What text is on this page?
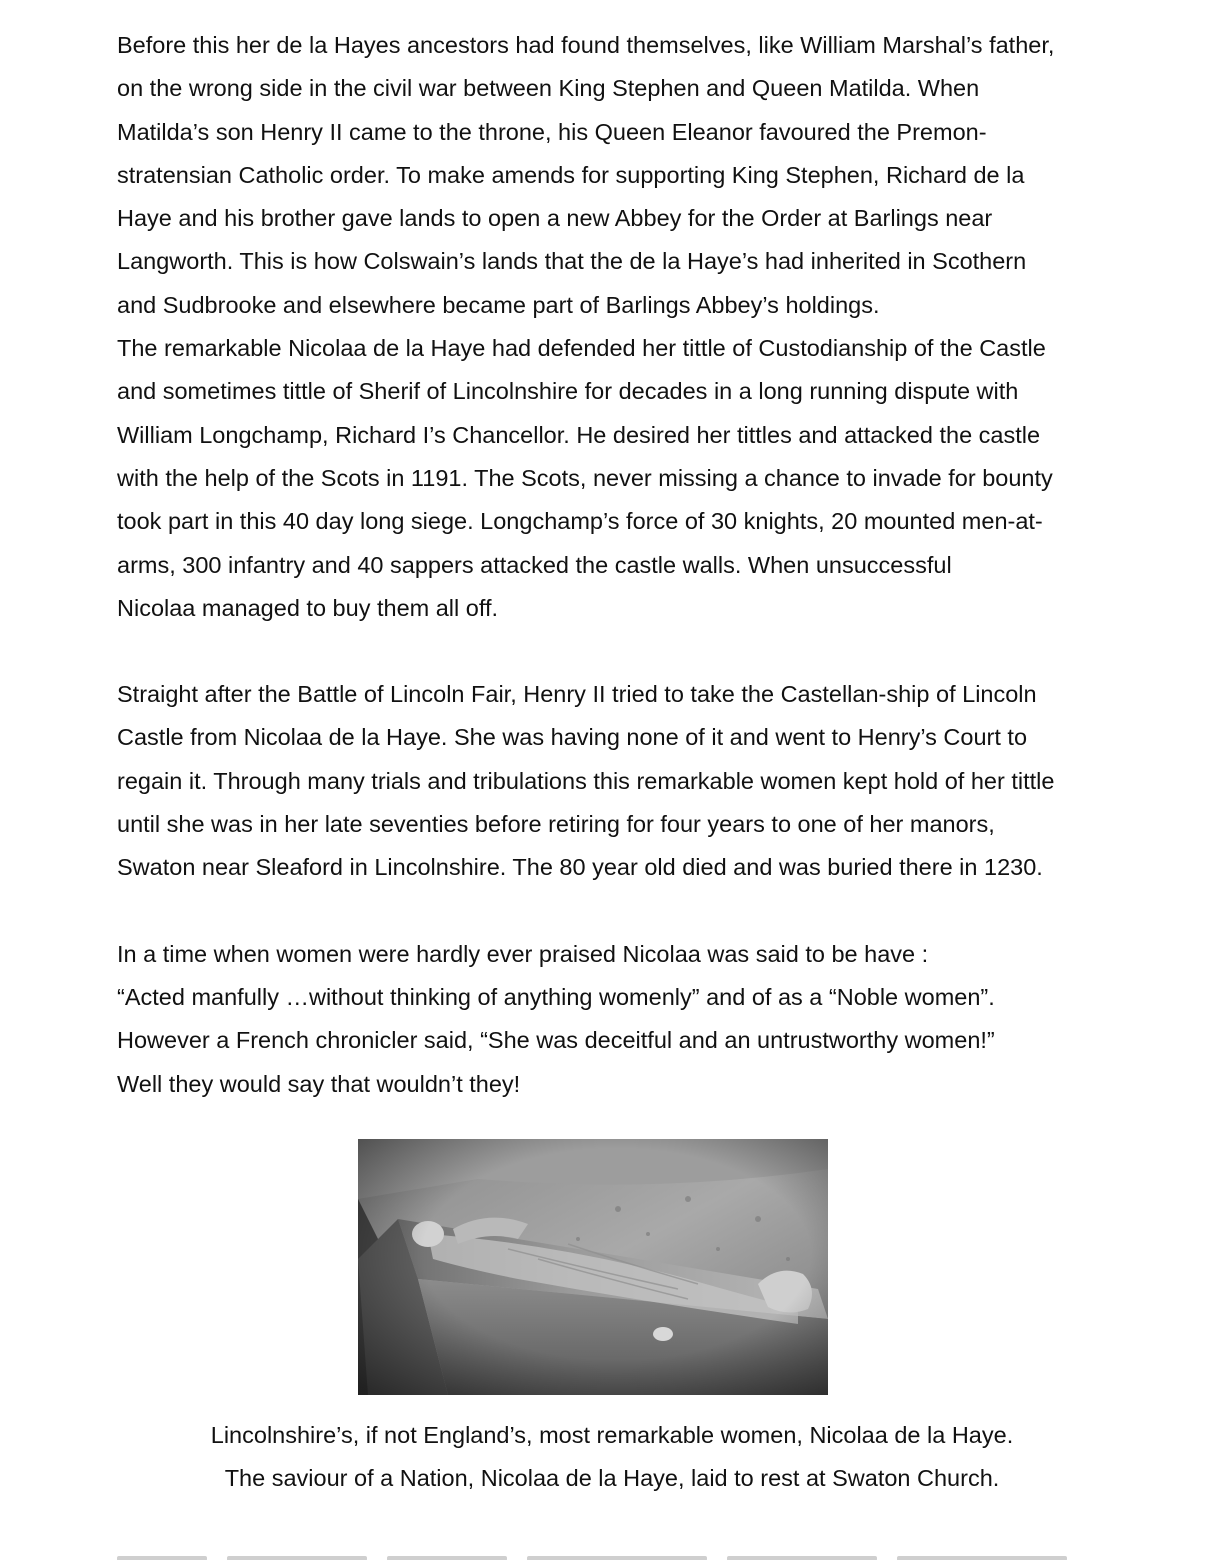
Before this her de la Hayes ancestors had found themselves, like William Marshal’s father,
on the wrong side in the civil war between King Stephen and Queen Matilda. When
Matilda’s son Henry II came to the throne, his Queen Eleanor favoured the Premon-
stratensian Catholic order. To make amends for supporting King Stephen, Richard de la
Haye and his brother gave lands to open a new Abbey for the Order at Barlings near
Langworth. This is how Colswain’s lands that the de la Haye’s had inherited in Scothern
and Sudbrooke and elsewhere became part of Barlings Abbey’s holdings.
The remarkable Nicolaa de la Haye had defended her tittle of Custodianship of the Castle
and sometimes tittle of Sherif of Lincolnshire for decades in a long running dispute with
William Longchamp, Richard I’s Chancellor. He desired her tittles and attacked the castle
with the help of the Scots in 1191. The Scots, never missing a chance to invade for bounty
took part in this 40 day long siege. Longchamp’s force of 30 knights, 20 mounted men-at-
arms, 300 infantry and 40 sappers attacked the castle walls. When unsuccessful
Nicolaa managed to buy them all off.

Straight after the Battle of Lincoln Fair, Henry II tried to take the Castellan-ship of Lincoln
Castle from Nicolaa de la Haye. She was having none of it and went to Henry’s Court to
regain it. Through many trials and tribulations this remarkable women kept hold of her tittle
until she was in her late seventies before retiring for four years to one of her manors,
Swaton near Sleaford in Lincolnshire. The 80 year old died and was buried there in 1230.

In a time when women were hardly ever praised Nicolaa was said to be have :
“Acted manfully …without thinking of anything womenly” and of as a “Noble women”.
However a French chronicler said, “She was deceitful and an untrustworthy women!”
Well they would say that wouldn’t they!

Lincolnshire’s, if not England’s, most remarkable women, Nicolaa de la Haye.
The saviour of a Nation, Nicolaa de la Haye, laid to rest at Swaton Church.
